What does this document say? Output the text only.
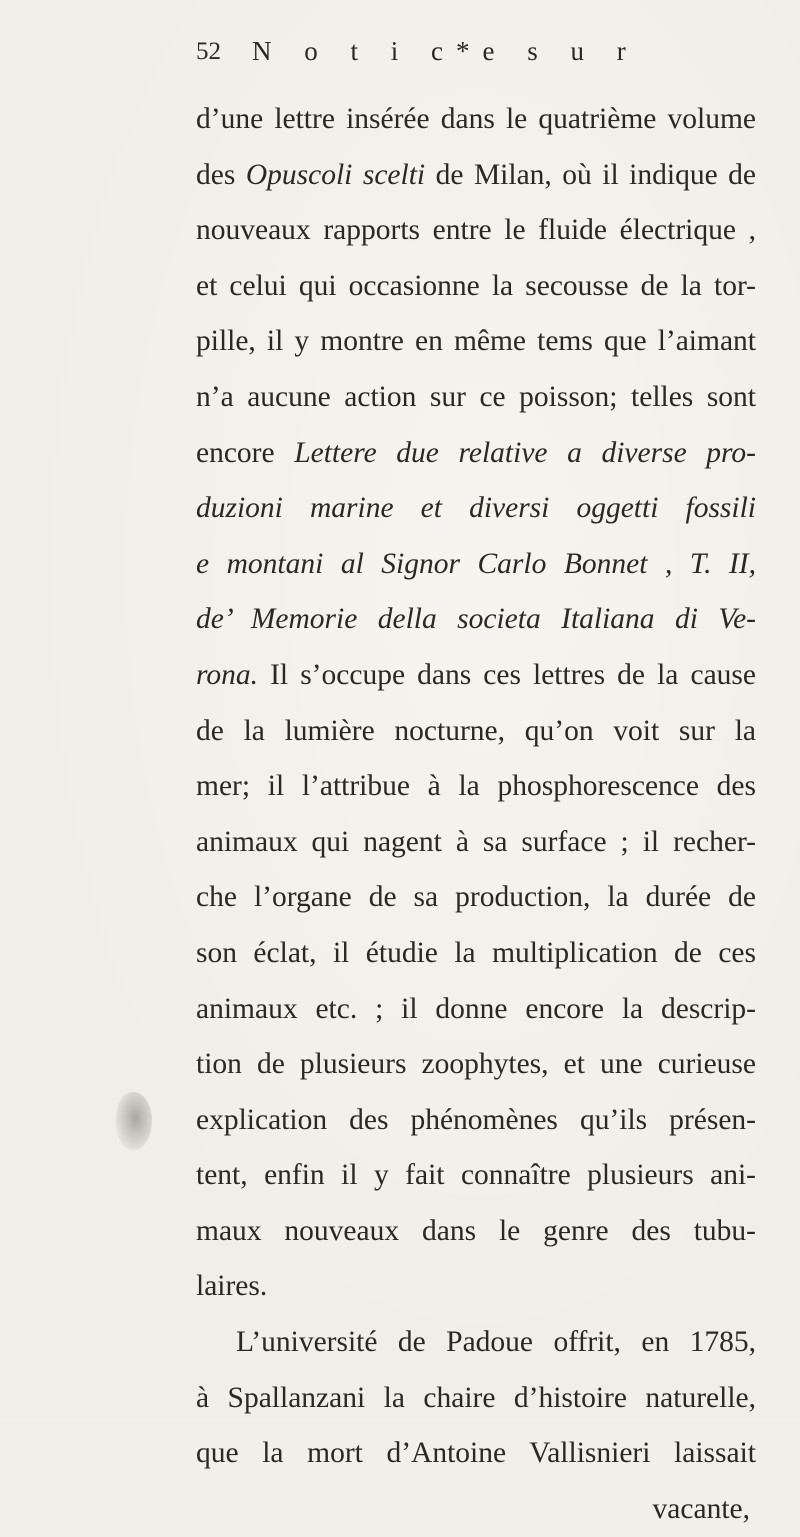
52 N o t i c*e s u r
d’une lettre insérée dans le quatrième volume
des Opuscoli scelti de Milan, où il indique de
nouveaux rapports entre le fluide électrique ,
et celui qui occasionne la secousse de la tor-
pille, il y montre en même tems que l’aimant
n’a aucune action sur ce poisson; telles sont
encore Lettere due relative a diverse pro-
duzioni marine et diversi oggetti fossili
e montani al Signor Carlo Bonnet , T. II,
de’ Memorie della societa Italiana di Ve-
rona. Il s’occupe dans ces lettres de la cause
de la lumière nocturne, qu’on voit sur la
mer; il l’attribue à la phosphorescence des
animaux qui nagent à sa surface ; il recher-
che l’organe de sa production, la durée de
son éclat, il étudie la multiplication de ces
animaux etc. ; il donne encore la descrip-
tion de plusieurs zoophytes, et une curieuse
explication des phénomènes qu’ils présen-
tent, enfin il y fait connaître plusieurs ani-
maux nouveaux dans le genre des tubu-
laires.
L’université de Padoue offrit, en 1785,
à Spallanzani la chaire d’histoire naturelle,
que la mort d’Antoine Vallisnieri laissait
vacante,
